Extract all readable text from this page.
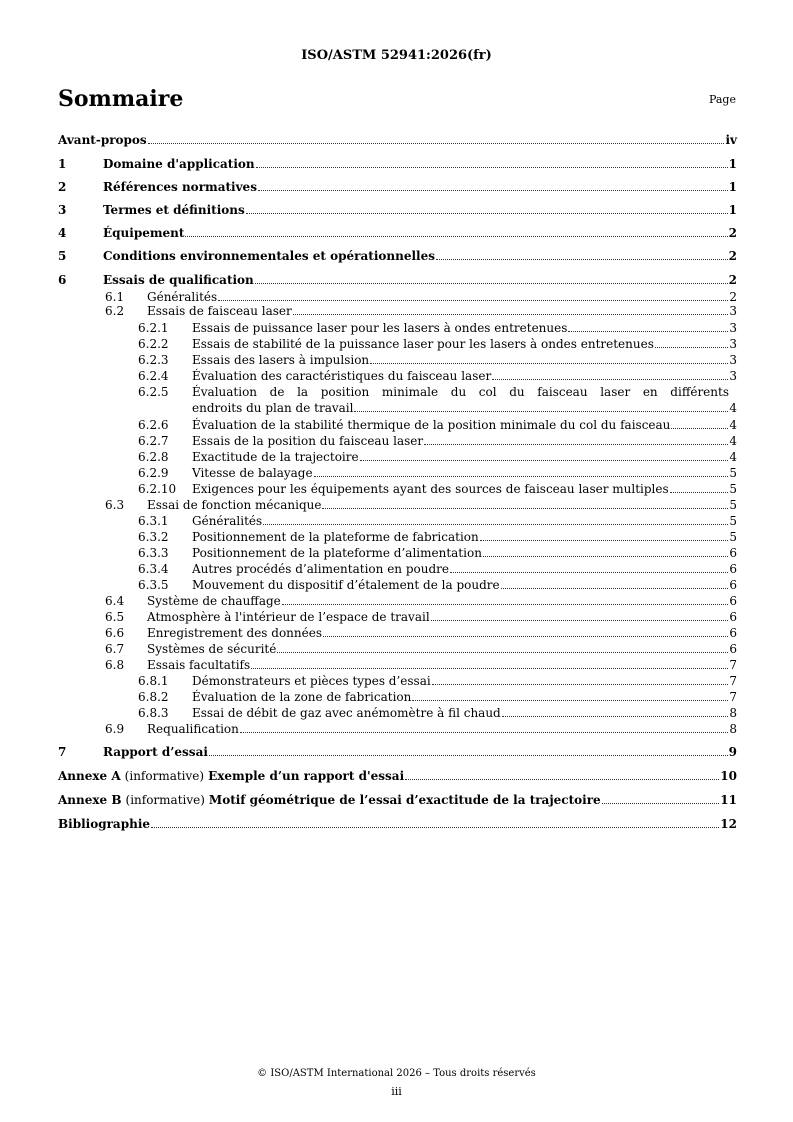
ISO/ASTM 52941:2026(fr)
Sommaire	Page
Avant-propos	iv
1	Domaine d'application	1
2	Références normatives	1
3	Termes et définitions	1
4	Équipement	2
5	Conditions environnementales et opérationnelles	2
6	Essais de qualification	2
6.1 Généralités	2
6.2 Essais de faisceau laser	3
6.2.1 Essais de puissance laser pour les lasers à ondes entretenues	3
6.2.2 Essais de stabilité de la puissance laser pour les lasers à ondes entretenues	3
6.2.3 Essais des lasers à impulsion	3
6.2.4 Évaluation des caractéristiques du faisceau laser	3
6.2.5 Évaluation de la position minimale du col du faisceau laser en différents
endroits du plan de travail	4
6.2.6 Évaluation de la stabilité thermique de la position minimale du col du faisceau	4
6.2.7 Essais de la position du faisceau laser	4
6.2.8 Exactitude de la trajectoire	4
6.2.9 Vitesse de balayage	5
6.2.10 Exigences pour les équipements ayant des sources de faisceau laser multiples	5
6.3 Essai de fonction mécanique	5
6.3.1 Généralités	5
6.3.2 Positionnement de la plateforme de fabrication	5
6.3.3 Positionnement de la plateforme d’alimentation	6
6.3.4 Autres procédés d’alimentation en poudre	6
6.3.5 Mouvement du dispositif d’étalement de la poudre	6
6.4 Système de chauffage	6
6.5 Atmosphère à l'intérieur de l’espace de travail	6
6.6 Enregistrement des données	6
6.7 Systèmes de sécurité	6
6.8 Essais facultatifs	7
6.8.1 Démonstrateurs et pièces types d’essai	7
6.8.2 Évaluation de la zone de fabrication	7
6.8.3 Essai de débit de gaz avec anémomètre à fil chaud	8
6.9 Requalification	8
7	Rapport d’essai	9
Annexe A (informative) Exemple d’un rapport d'essai	10
Annexe B (informative) Motif géométrique de l’essai d’exactitude de la trajectoire	11
Bibliographie	12
© ISO/ASTM International 2026 – Tous droits réservés
iii
